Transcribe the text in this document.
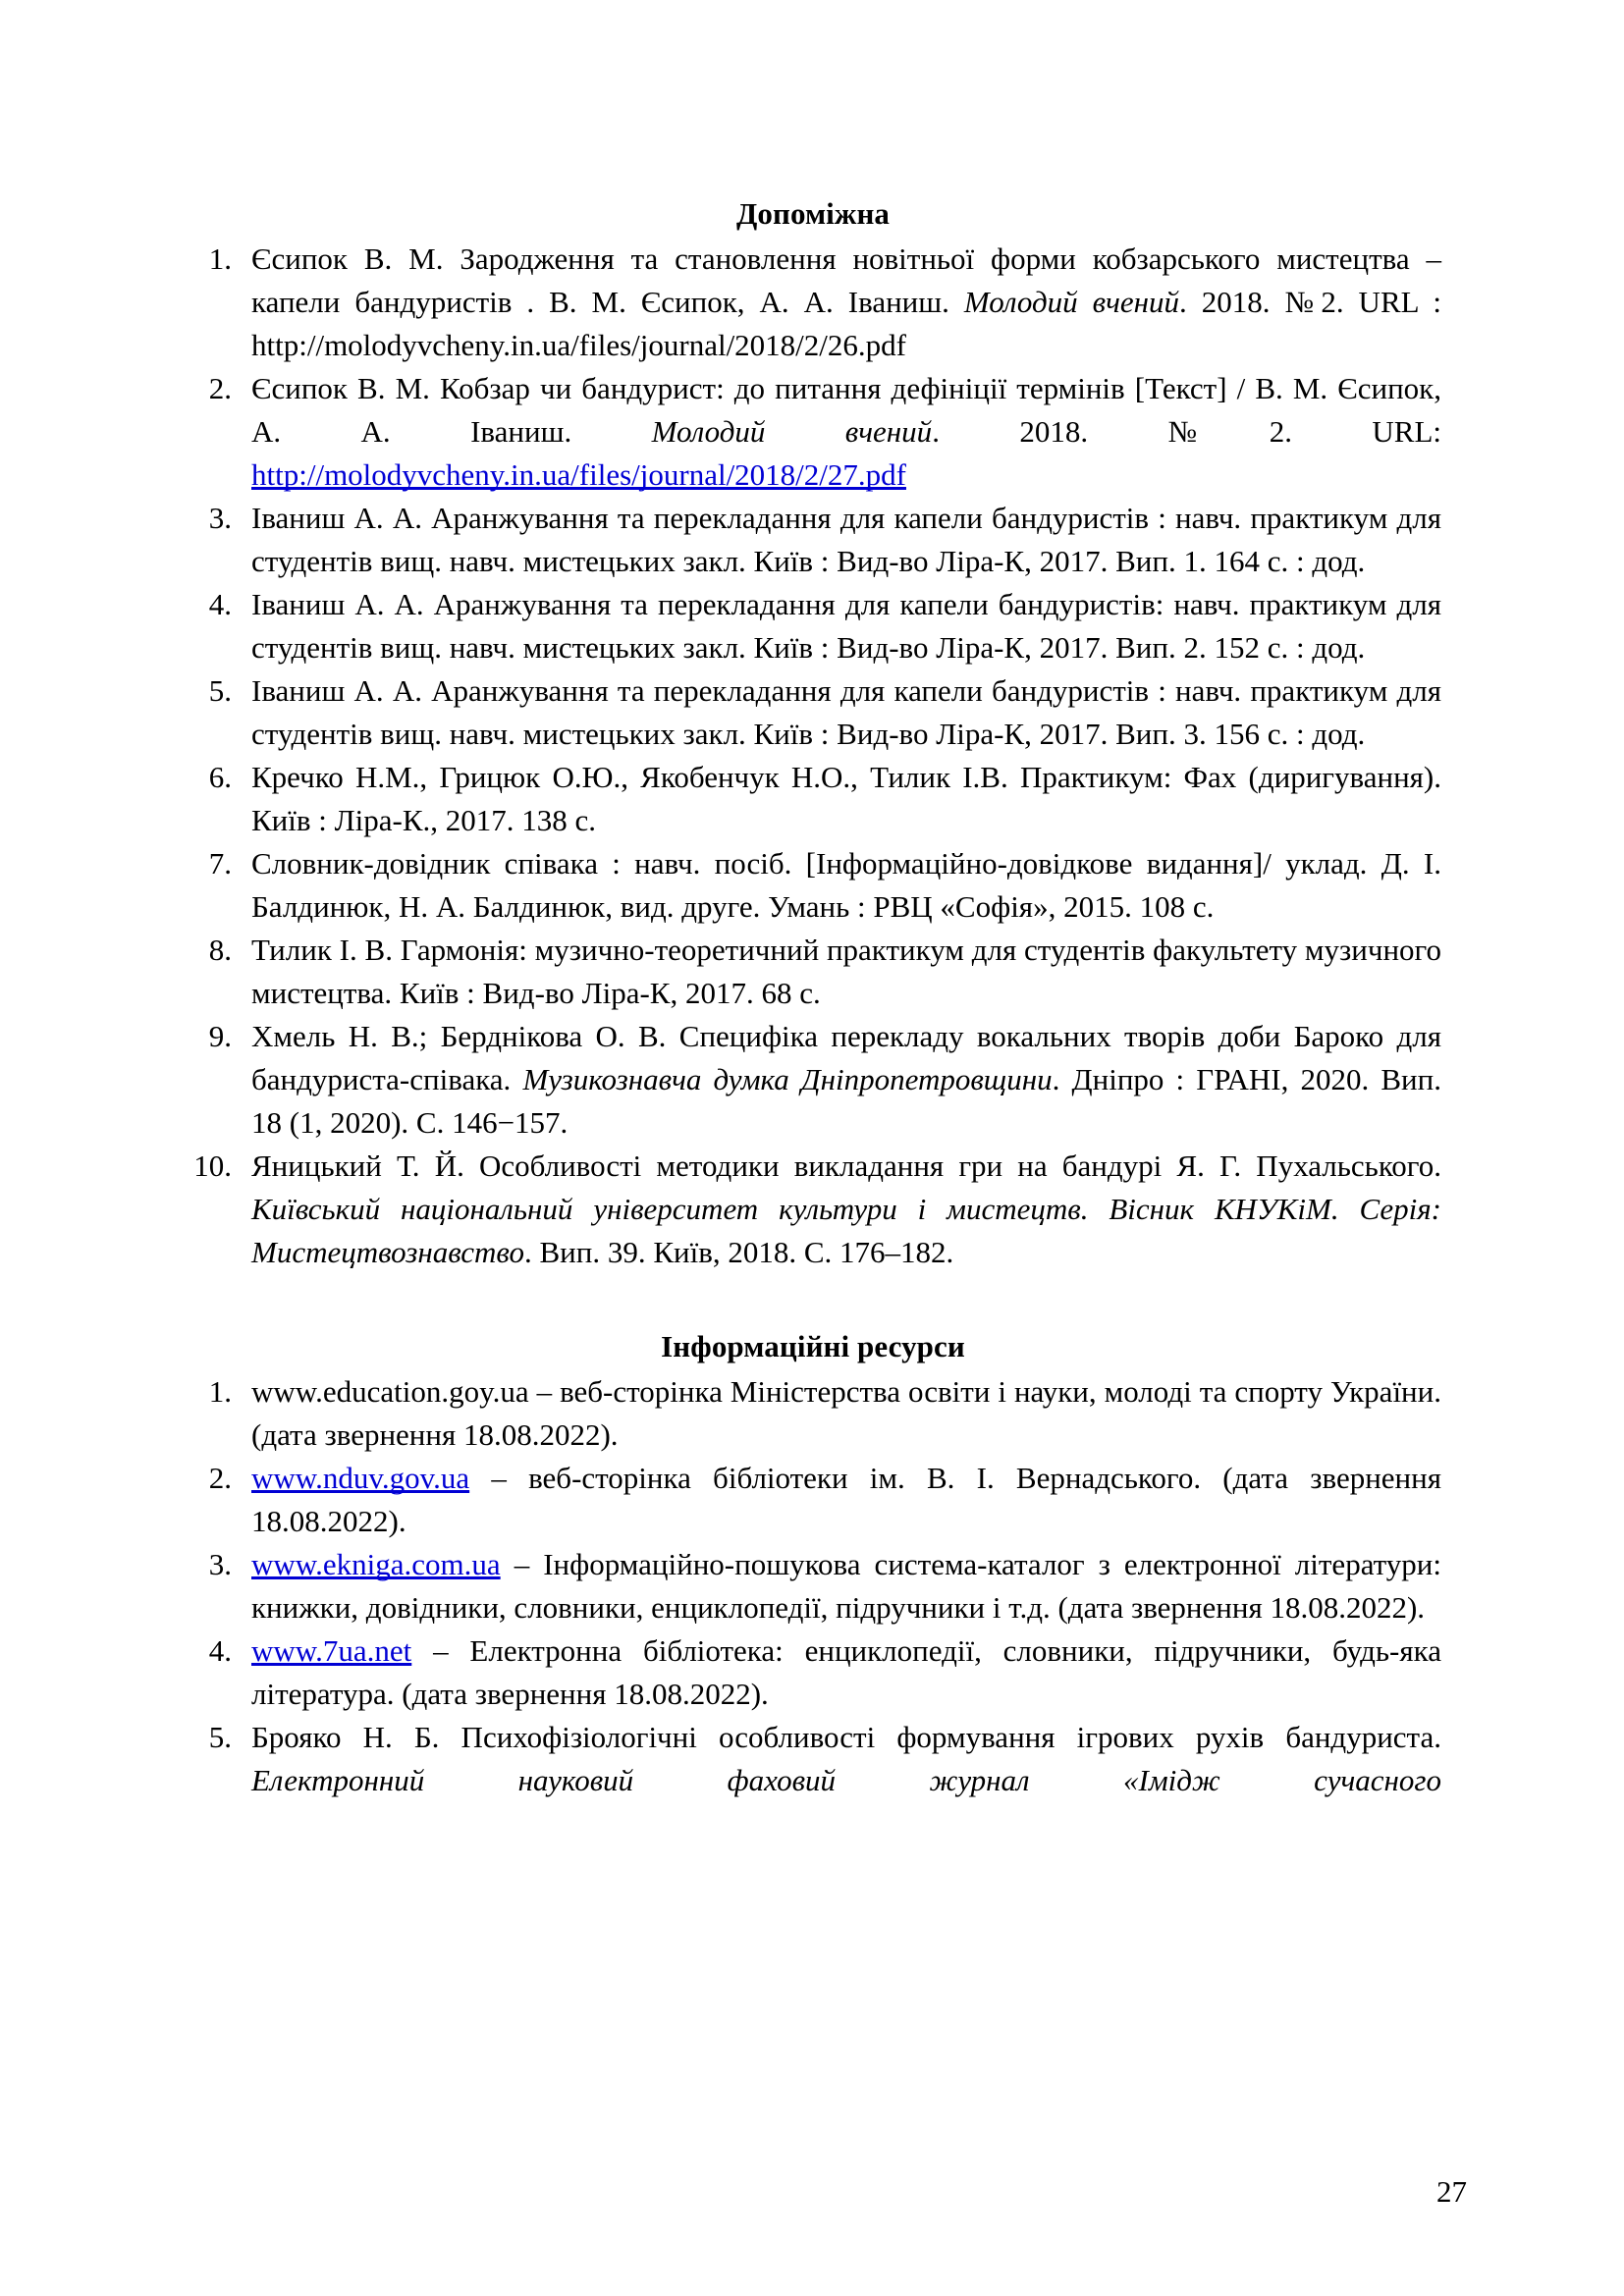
Допоміжна
1. Єсипок В. М. Зародження та становлення новітньої форми кобзарського мистецтва – капели бандуристів . В. М. Єсипок, А. А. Іваниш. Молодий вчений. 2018. №2. URL : http://molodyvcheny.in.ua/files/journal/2018/2/26.pdf
2. Єсипок В. М. Кобзар чи бандурист: до питання дефініції термінів [Текст] / В. М. Єсипок, А. А. Іваниш. Молодий вчений. 2018. №2. URL: http://molodyvcheny.in.ua/files/journal/2018/2/27.pdf
3. Іваниш А. А. Аранжування та перекладання для капели бандуристів : навч. практикум для студентів вищ. навч. мистецьких закл. Київ : Вид-во Ліра-К, 2017. Вип. 1. 164 с. : дод.
4. Іваниш А. А. Аранжування та перекладання для капели бандуристів: навч. практикум для студентів вищ. навч. мистецьких закл. Київ : Вид-во Ліра-К, 2017. Вип. 2. 152 с. : дод.
5. Іваниш А. А. Аранжування та перекладання для капели бандуристів : навч. практикум для студентів вищ. навч. мистецьких закл. Київ : Вид-во Ліра-К, 2017. Вип. 3. 156 с. : дод.
6. Кречко Н.М., Грицюк О.Ю., Якобенчук Н.О., Тилик І.В. Практикум: Фах (диригування). Київ : Ліра-К., 2017. 138 с.
7. Словник-довідник співака : навч. посіб. [Інформаційно-довідкове видання]/ уклад. Д. І. Балдинюк, Н. А. Балдинюк, вид. друге. Умань : РВЦ «Софія», 2015. 108 с.
8. Тилик І. В. Гармонія: музично-теоретичний практикум для студентів факультету музичного мистецтва. Київ : Вид-во Ліра-К, 2017. 68 с.
9. Хмель Н. В.; Берднікова О. В. Специфіка перекладу вокальних творів доби Бароко для бандуриста-співака. Музикознавча думка Дніпропетровщини. Дніпро : ГРАНІ, 2020. Вип. 18 (1, 2020). С. 146−157.
10. Яницький Т. Й. Особливості методики викладання гри на бандурі Я. Г. Пухальського. Київський національний університет культури і мистецтв. Вісник КНУКіМ. Серія: Мистецтвознавство. Вип. 39. Київ, 2018. С. 176–182.
Інформаційні ресурси
1. www.education.goy.ua – веб-сторінка Міністерства освіти і науки, молоді та спорту України. (дата звернення 18.08.2022).
2. www.nduv.gov.ua – веб-сторінка бібліотеки ім. В. І. Вернадського. (дата звернення 18.08.2022).
3. www.ekniga.com.ua – Інформаційно-пошукова система-каталог з електронної літератури: книжки, довідники, словники, енциклопедії, підручники і т.д. (дата звернення 18.08.2022).
4. www.7ua.net – Електронна бібліотека: енциклопедії, словники, підручники, будь-яка література. (дата звернення 18.08.2022).
5. Брояко Н. Б. Психофізіологічні особливості формування ігрових рухів бандуриста. Електронний науковий фаховий журнал «Імідж сучасного
27
